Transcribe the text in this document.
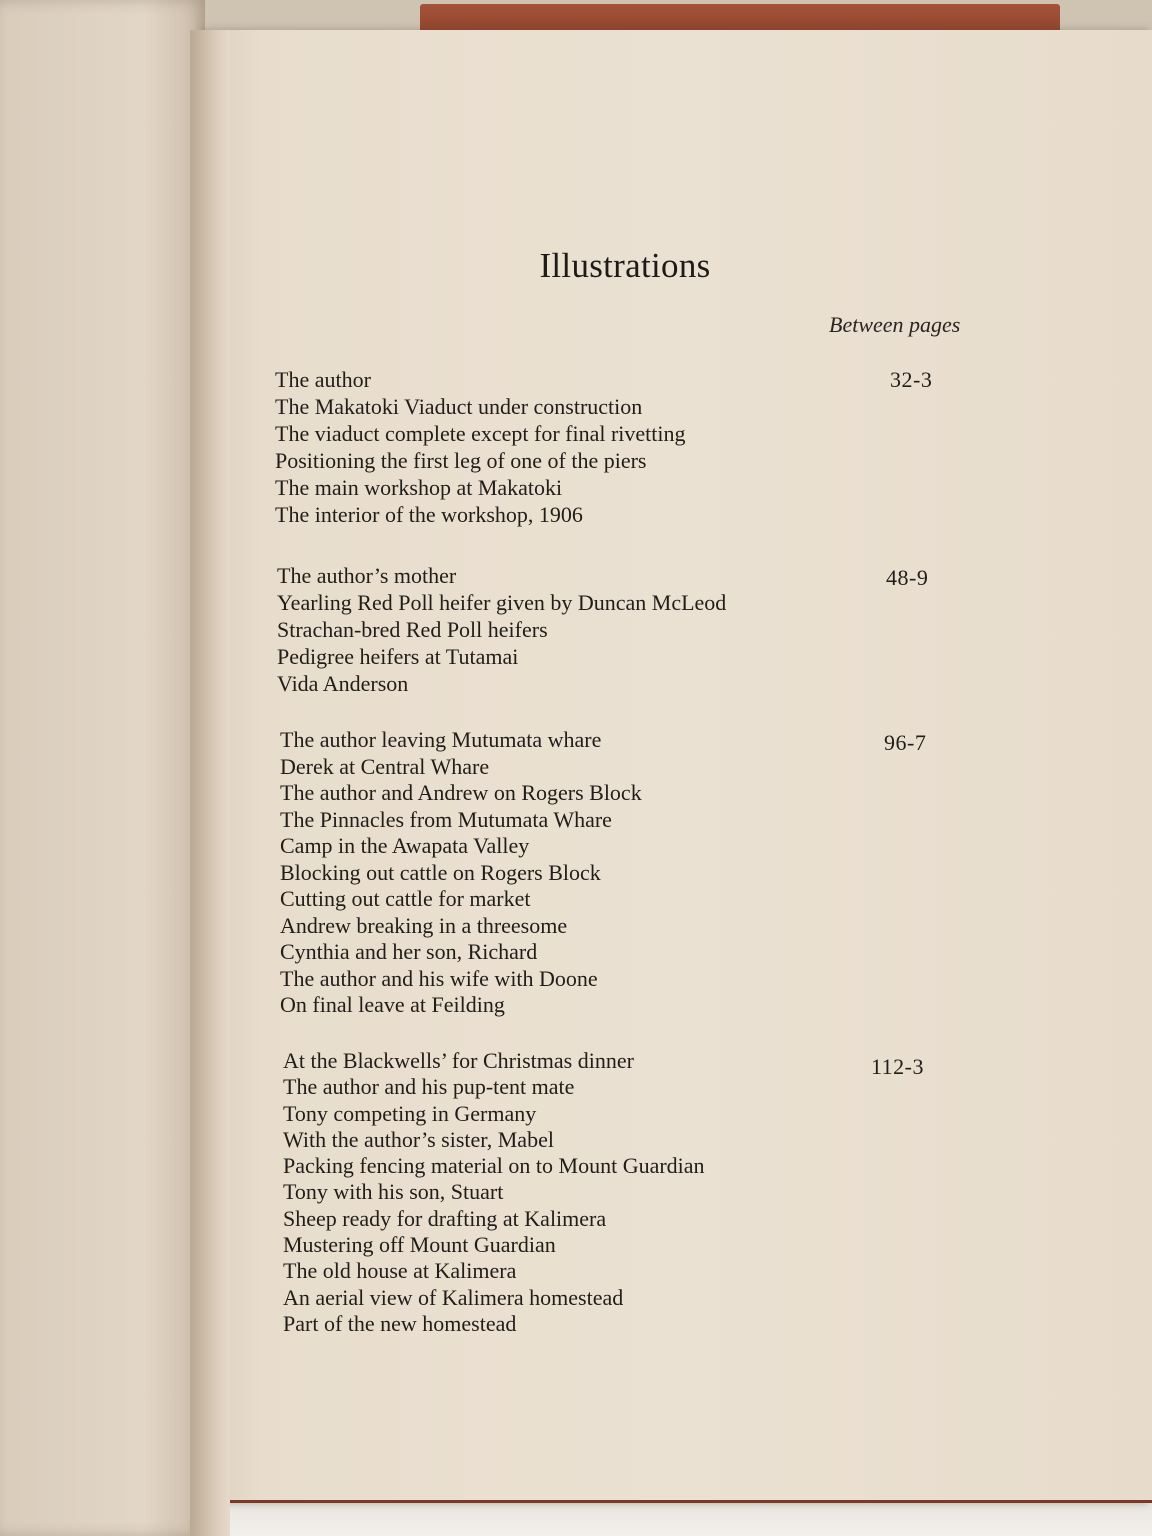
Illustrations
Between pages
The author
The Makatoki Viaduct under construction
The viaduct complete except for final rivetting
Positioning the first leg of one of the piers
The main workshop at Makatoki
The interior of the workshop, 1906
32-3
The author’s mother
Yearling Red Poll heifer given by Duncan McLeod
Strachan-bred Red Poll heifers
Pedigree heifers at Tutamai
Vida Anderson
48-9
The author leaving Mutumata whare
Derek at Central Whare
The author and Andrew on Rogers Block
The Pinnacles from Mutumata Whare
Camp in the Awapata Valley
Blocking out cattle on Rogers Block
Cutting out cattle for market
Andrew breaking in a threesome
Cynthia and her son, Richard
The author and his wife with Doone
On final leave at Feilding
96-7
At the Blackwells’ for Christmas dinner
The author and his pup-tent mate
Tony competing in Germany
With the author’s sister, Mabel
Packing fencing material on to Mount Guardian
Tony with his son, Stuart
Sheep ready for drafting at Kalimera
Mustering off Mount Guardian
The old house at Kalimera
An aerial view of Kalimera homestead
Part of the new homestead
112-3
